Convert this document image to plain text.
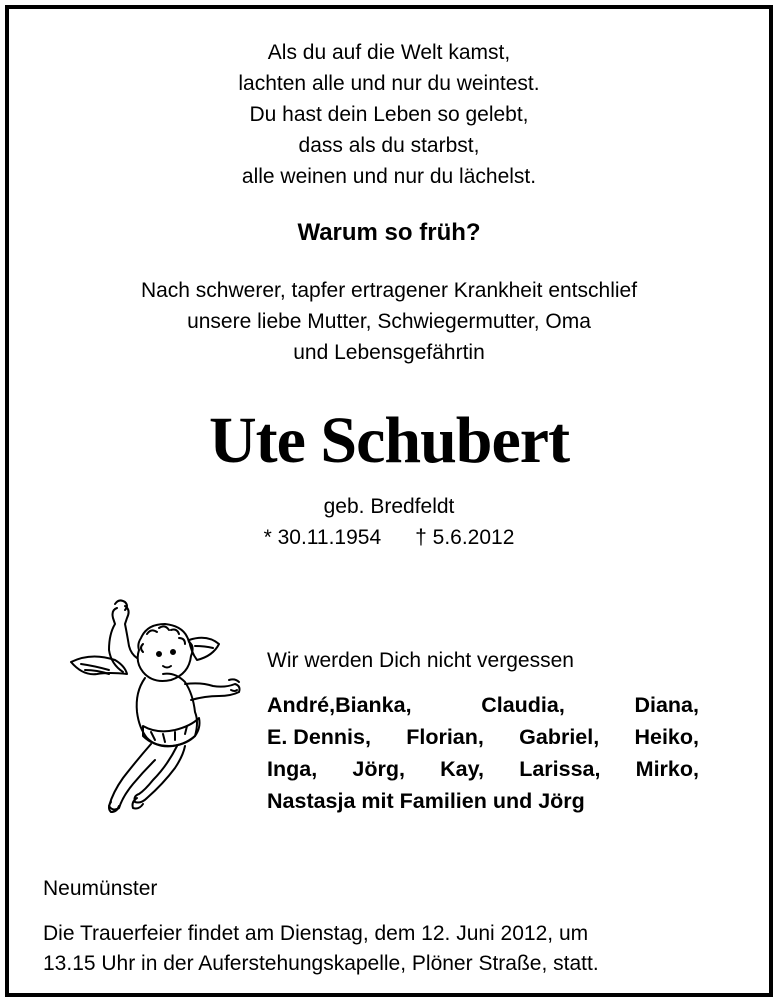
Als du auf die Welt kamst,
lachten alle und nur du weintest.
Du hast dein Leben so gelebt,
dass als du starbst,
alle weinen und nur du lächelst.
Warum so früh?
Nach schwerer, tapfer ertragener Krankheit entschlief
unsere liebe Mutter, Schwiegermutter, Oma
und Lebensgefährtin
Ute Schubert
geb. Bredfeldt
* 30.11.1954 † 5.6.2012
Wir werden Dich nicht vergessen
André,Bianka,	Claudia,	Diana,
E. Dennis, Florian, Gabriel, Heiko,
Inga, Jörg, Kay, Larissa, Mirko,
Nastasja mit Familien und Jörg
Neumünster
Die Trauerfeier findet am Dienstag, dem 12. Juni 2012, um
13.15 Uhr in der Auferstehungskapelle, Plöner Straße, statt.
